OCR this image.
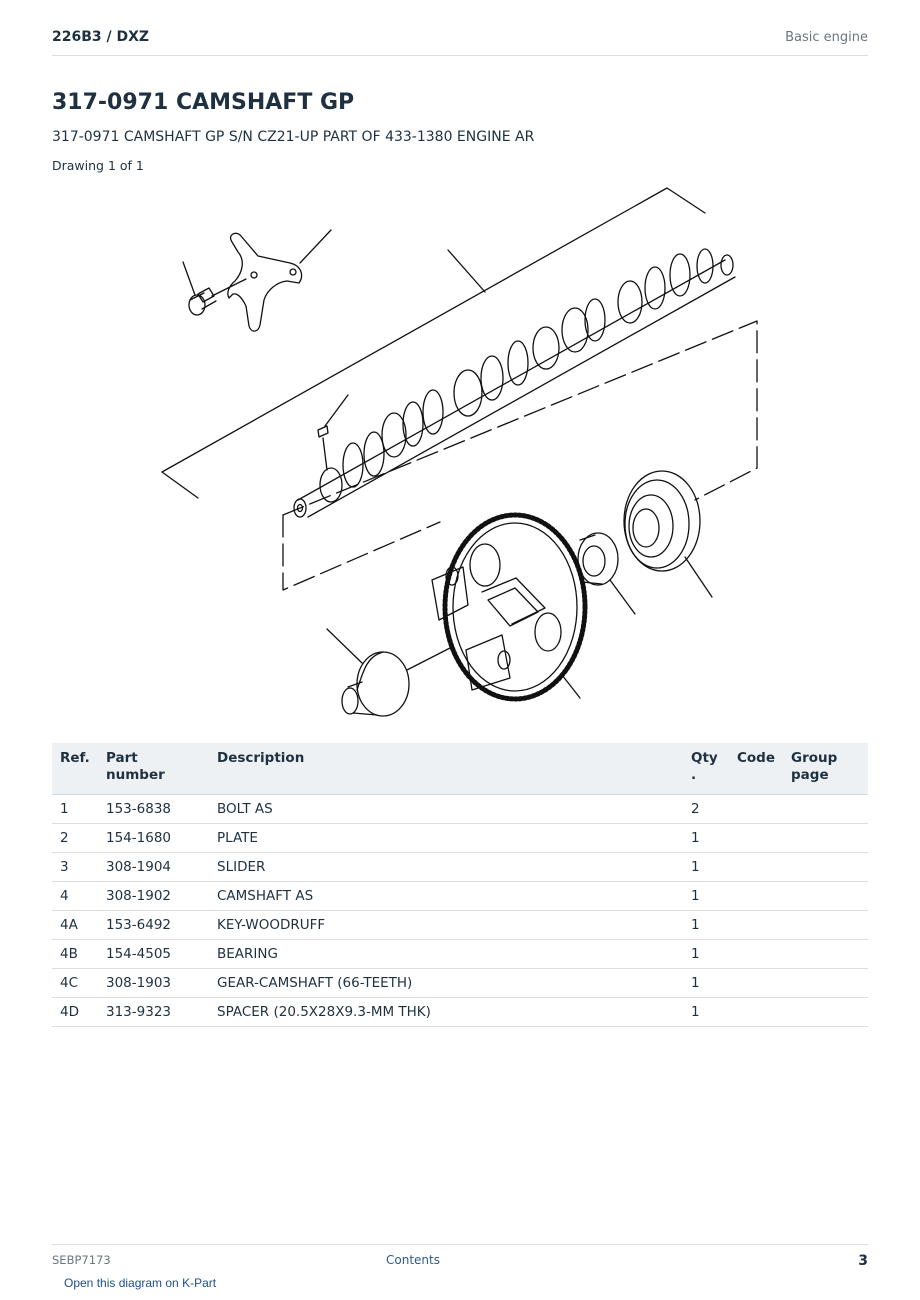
226B3 / DXZ	Basic engine
317-0971 CAMSHAFT GP
317-0971 CAMSHAFT GP S/N CZ21-UP PART OF 433-1380 ENGINE AR
Drawing 1 of 1
Ref.	Part number	Description	Qty .	Code	Group page
1	153-6838	BOLT AS	2		
2	154-1680	PLATE	1		
3	308-1904	SLIDER	1		
4	308-1902	CAMSHAFT AS	1		
4A	153-6492	KEY-WOODRUFF	1		
4B	154-4505	BEARING	1		
4C	308-1903	GEAR-CAMSHAFT (66-TEETH)	1		
4D	313-9323	SPACER (20.5X28X9.3-MM THK)	1		
SEBP7173	Contents	3
Open this diagram on K-Part
